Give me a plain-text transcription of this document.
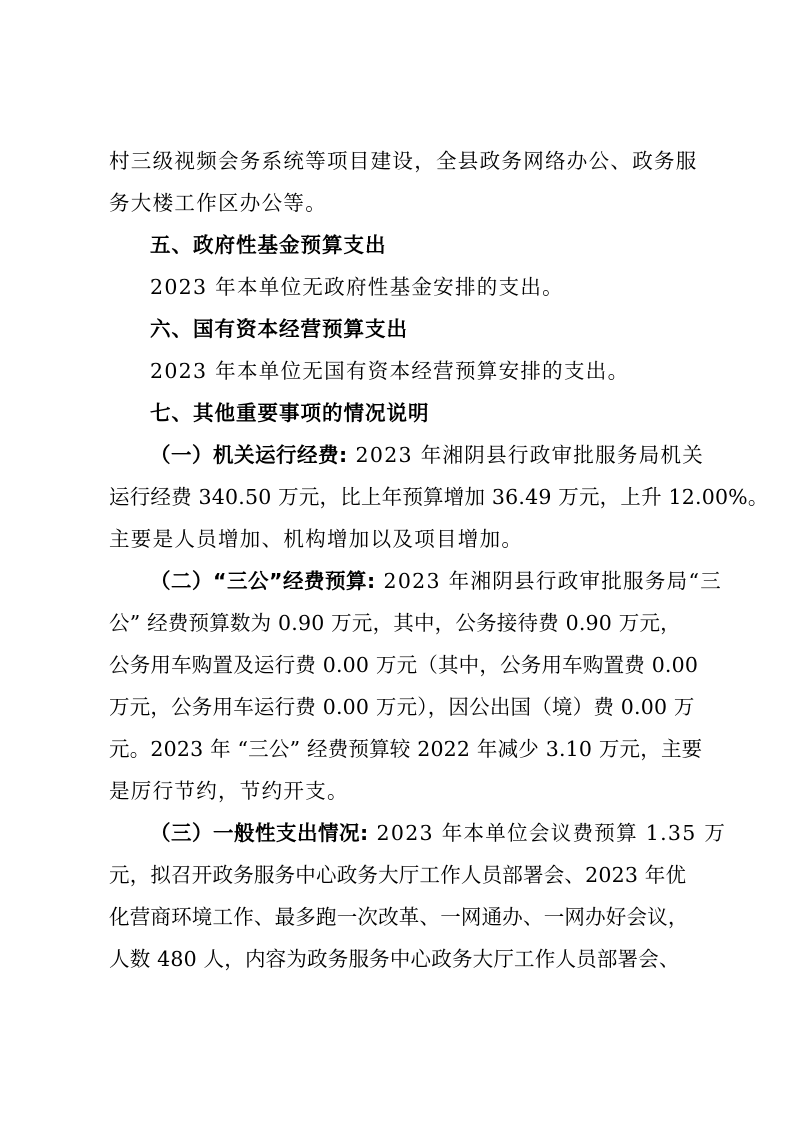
村三级视频会务系统等项目建设，全县政务网络办公、政务服
务大楼工作区办公等。
五、政府性基金预算支出
2023 年本单位无政府性基金安排的支出。
六、国有资本经营预算支出
2023 年本单位无国有资本经营预算安排的支出。
七、其他重要事项的情况说明
（一）机关运行经费: 2023 年湘阴县行政审批服务局机关
运行经费 340.50 万元，比上年预算增加 36.49 万元，上升 12.00%。
主要是人员增加、机构增加以及项目增加。
（二）“三公”经费预算: 2023 年湘阴县行政审批服务局“三
公” 经费预算数为 0.90 万元，其中，公务接待费 0.90 万元，
公务用车购置及运行费 0.00 万元（其中，公务用车购置费 0.00
万元，公务用车运行费 0.00 万元），因公出国（境）费 0.00 万
元。2023 年 “三公” 经费预算较 2022 年减少 3.10 万元，主要
是厉行节约，节约开支。
（三）一般性支出情况: 2023 年本单位会议费预算 1.35 万
元，拟召开政务服务中心政务大厅工作人员部署会、2023 年优
化营商环境工作、最多跑一次改革、一网通办、一网办好会议，
人数 480 人，内容为政务服务中心政务大厅工作人员部署会、
